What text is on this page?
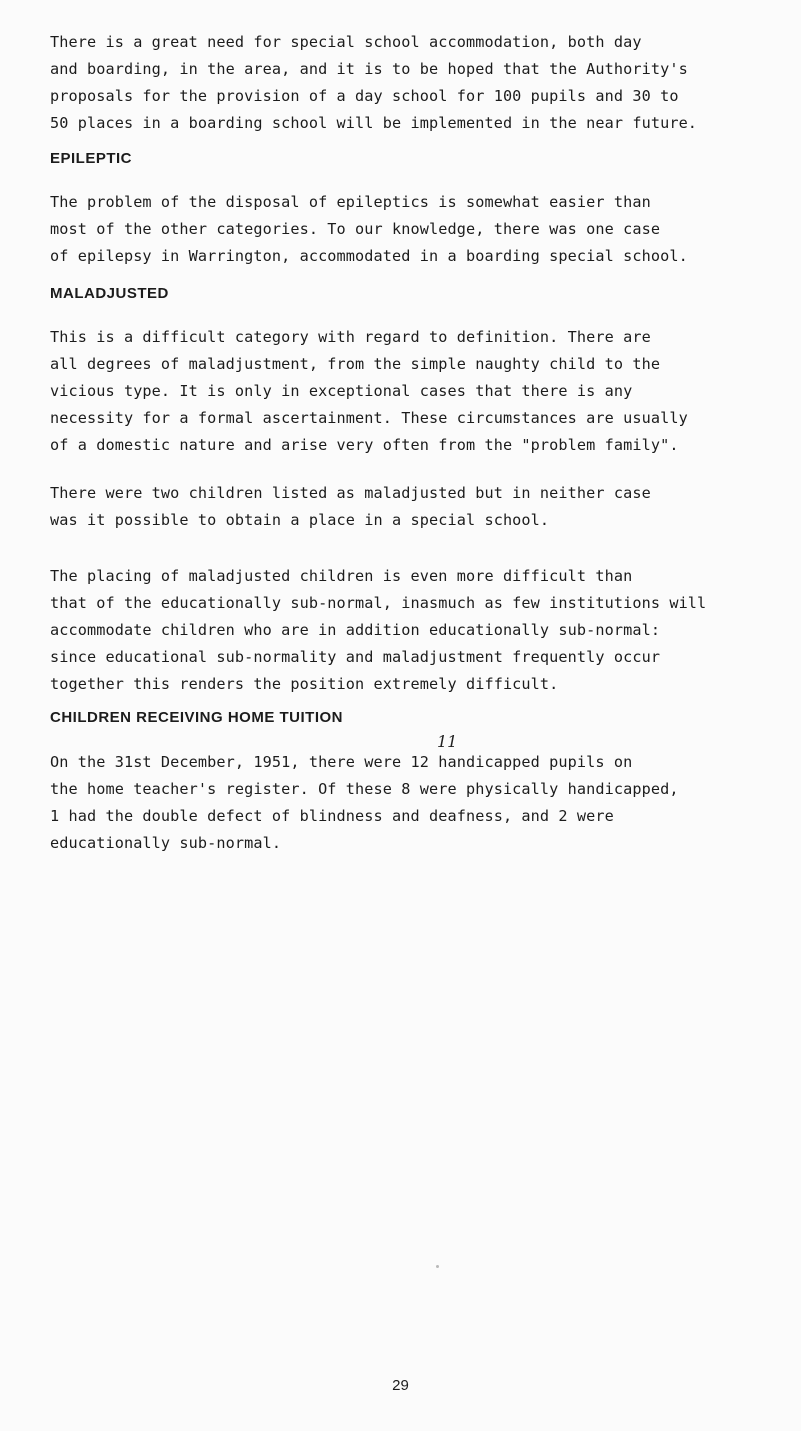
There is a great need for special school accommodation, both day
and boarding, in the area, and it is to be hoped that the Authority's
proposals for the provision of a day school for 100 pupils and 30 to
50 places in a boarding school will be implemented in the near future.

EPILEPTIC

The problem of the disposal of epileptics is somewhat easier than
most of the other categories. To our knowledge, there was one case
of epilepsy in Warrington, accommodated in a boarding special school.

MALADJUSTED

This is a difficult category with regard to definition. There are
all degrees of maladjustment, from the simple naughty child to the
vicious type. It is only in exceptional cases that there is any
necessity for a formal ascertainment. These circumstances are usually
of a domestic nature and arise very often from the "problem family".

There were two children listed as maladjusted but in neither case
was it possible to obtain a place in a special school.

The placing of maladjusted children is even more difficult than
that of the educationally sub-normal, inasmuch as few institutions will
accommodate children who are in addition educationally sub-normal:
since educational sub-normality and maladjustment frequently occur
together this renders the position extremely difficult.

CHILDREN RECEIVING HOME TUITION
11

On the 31st December, 1951, there were 12 handicapped pupils on
the home teacher's register. Of these 8 were physically handicapped,
1 had the double defect of blindness and deafness, and 2 were
educationally sub-normal.

29
